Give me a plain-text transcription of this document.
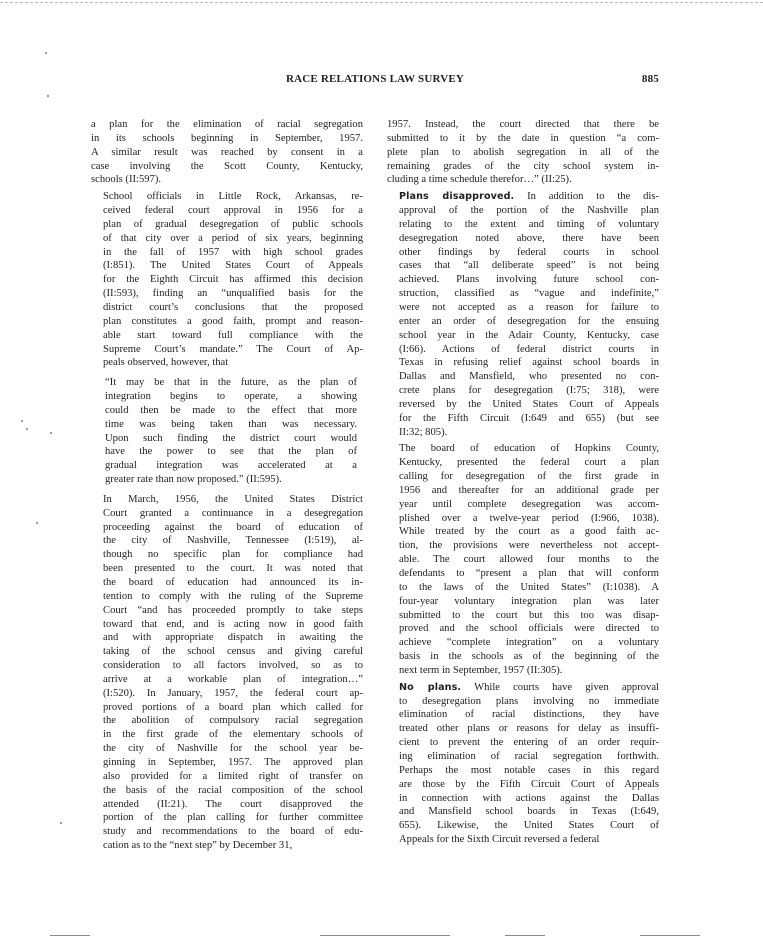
RACE RELATIONS LAW SURVEY	885
a plan for the elimination of racial segregation
in its schools beginning in September, 1957.
A similar result was reached by consent in a
case involving the Scott County, Kentucky,
schools (II:597).
School officials in Little Rock, Arkansas, re-
ceived federal court approval in 1956 for a
plan of gradual desegregation of public schools
of that city over a period of six years, beginning
in the fall of 1957 with high school grades
(I:851). The United States Court of Appeals
for the Eighth Circuit has affirmed this decision
(II:593), finding an “unqualified basis for the
district court’s conclusions that the proposed
plan constitutes a good faith, prompt and reason-
able start toward full compliance with the
Supreme Court’s mandate.” The Court of Ap-
peals observed, however, that
“It may be that in the future, as the plan of
integration begins to operate, a showing
could then be made to the effect that more
time was being taken than was necessary.
Upon such finding the district court would
have the power to see that the plan of
gradual integration was accelerated at a
greater rate than now proposed.” (II:595).
In March, 1956, the United States District
Court granted a continuance in a desegregation
proceeding against the board of education of
the city of Nashville, Tennessee (I:519), al-
though no specific plan for compliance had
been presented to the court. It was noted that
the board of education had announced its in-
tention to comply with the ruling of the Supreme
Court “and has proceeded promptly to take steps
toward that end, and is acting now in good faith
and with appropriate dispatch in awaiting the
taking of the school census and giving careful
consideration to all factors involved, so as to
arrive at a workable plan of integration…”
(I:520). In January, 1957, the federal court ap-
proved portions of a board plan which called for
the abolition of compulsory racial segregation
in the first grade of the elementary schools of
the city of Nashville for the school year be-
ginning in September, 1957. The approved plan
also provided for a limited right of transfer on
the basis of the racial composition of the school
attended (II:21). The court disapproved the
portion of the plan calling for further committee
study and recommendations to the board of edu-
cation as to the “next step” by December 31,
1957. Instead, the court directed that there be
submitted to it by the date in question “a com-
plete plan to abolish segregation in all of the
remaining grades of the city school system in-
cluding a time schedule therefor…” (II:25).
Plans disapproved. In addition to the dis-
approval of the portion of the Nashville plan
relating to the extent and timing of voluntary
desegregation noted above, there have been
other findings by federal courts in school
cases that “all deliberate speed” is not being
achieved. Plans involving future school con-
struction, classified as “vague and indefinite,”
were not accepted as a reason for failure to
enter an order of desegregation for the ensuing
school year in the Adair County, Kentucky, case
(I:66). Actions of federal district courts in
Texas in refusing relief against school boards in
Dallas and Mansfield, who presented no con-
crete plans for desegregation (I:75; 318), were
reversed by the United States Court of Appeals
for the Fifth Circuit (I:649 and 655) (but see
II:32; 805).
The board of education of Hopkins County,
Kentucky, presented the federal court a plan
calling for desegregation of the first grade in
1956 and thereafter for an additional grade per
year until complete desegregation was accom-
plished over a twelve-year period (I:966, 1038).
While treated by the court as a good faith ac-
tion, the provisions were nevertheless not accept-
able. The court allowed four months to the
defendants to “present a plan that will conform
to the laws of the United States” (I:1038). A
four-year voluntary integration plan was later
submitted to the court but this too was disap-
proved and the school officials were directed to
achieve “complete integration” on a voluntary
basis in the schools as of the beginning of the
next term in September, 1957 (II:305).
No plans. While courts have given approval
to desegregation plans involving no immediate
elimination of racial distinctions, they have
treated other plans or reasons for delay as insuffi-
cient to prevent the entering of an order requir-
ing elimination of racial segregation forthwith.
Perhaps the most notable cases in this regard
are those by the Fifth Circuit Court of Appeals
in connection with actions against the Dallas
and Mansfield school boards in Texas (I:649,
655). Likewise, the United States Court of
Appeals for the Sixth Circuit reversed a federal
